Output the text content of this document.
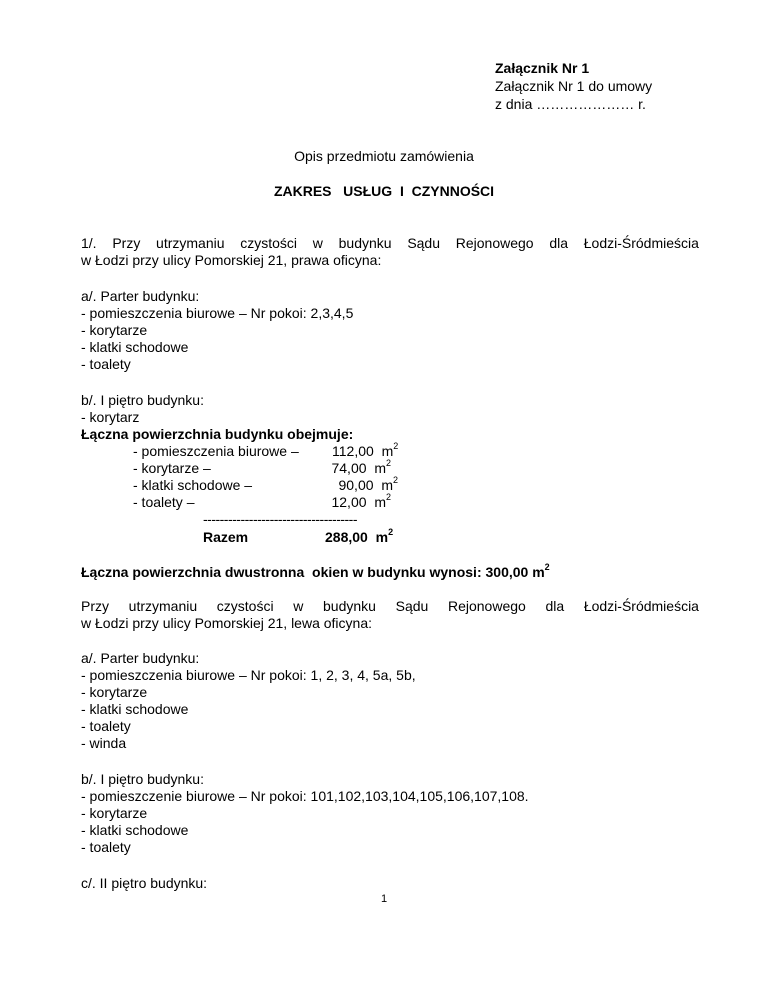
Załącznik Nr 1
Załącznik Nr 1 do umowy
z dnia ………………… r.
Opis przedmiotu zamówienia
ZAKRES   USŁUG  I  CZYNNOŚCI
1/. Przy utrzymaniu czystości w budynku Sądu Rejonowego dla Łodzi-Śródmieścia
w Łodzi przy ulicy Pomorskiej 21, prawa oficyna:
a/. Parter budynku:
- pomieszczenia biurowe – Nr pokoi: 2,3,4,5
- korytarze
- klatki schodowe
- toalety
b/. I piętro budynku:
- korytarz
Łączna powierzchnia budynku obejmuje:
- pomieszczenia biurowe – 112,00 $m^2$
- korytarze –	74,00 $m^2$
- klatki schodowe –	90,00 $m^2$
- toalety –	12,00 $m^2$
-------------------------------------
Razem	288,00 $m^2$
Łączna powierzchnia dwustronna  okien w budynku wynosi: 300,00 $m^2$
Przy utrzymaniu czystości w budynku Sądu Rejonowego dla Łodzi-Śródmieścia
w Łodzi przy ulicy Pomorskiej 21, lewa oficyna:
a/. Parter budynku:
- pomieszczenia biurowe – Nr pokoi: 1, 2, 3, 4, 5a, 5b,
- korytarze
- klatki schodowe
- toalety
- winda
b/. I piętro budynku:
- pomieszczenie biurowe – Nr pokoi: 101,102,103,104,105,106,107,108.
- korytarze
- klatki schodowe
- toalety
c/. II piętro budynku:
1
